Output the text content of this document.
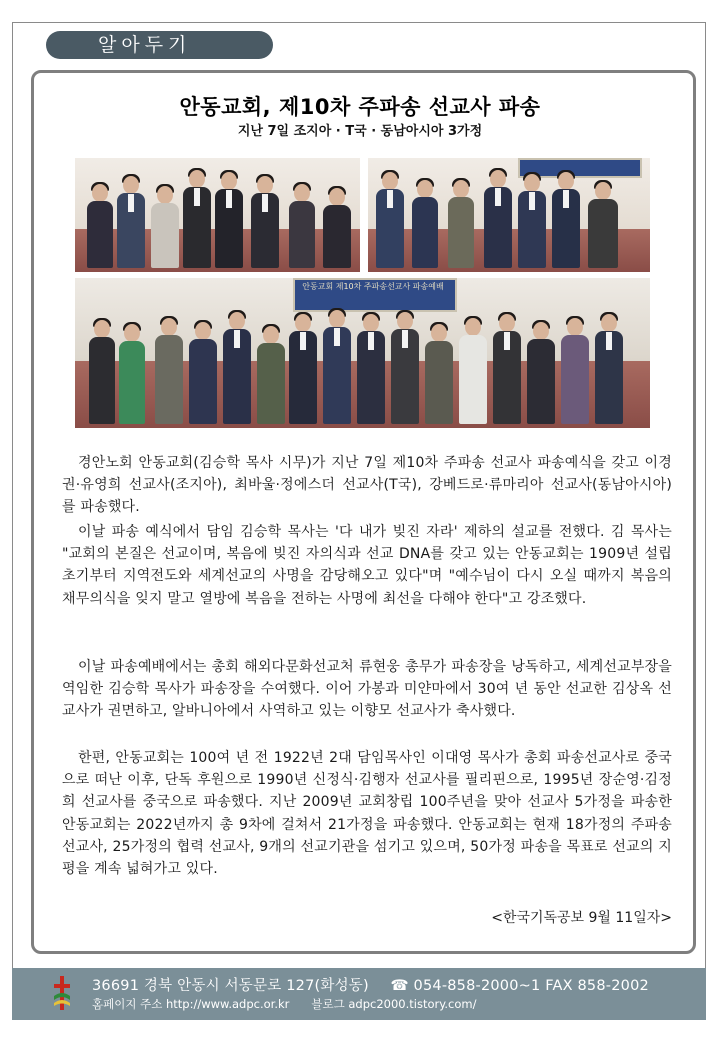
알아두기
안동교회, 제10차 주파송 선교사 파송
지난 7일 조지아 · T국 · 동남아시아 3가정
안동교회 제10차 주파송선교사 파송예배

경안노회 안동교회(김승학 목사 시무)가 지난 7일 제10차 주파송 선교사 파송예식을 갖고 이경권·유영희 선교사(조지아), 최바울·정에스더 선교사(T국), 강베드로·류마리아 선교사(동남아시아)를 파송했다.

이날 파송 예식에서 담임 김승학 목사는 '다 내가 빚진 자라' 제하의 설교를 전했다. 김 목사는 "교회의 본질은 선교이며, 복음에 빚진 자의식과 선교 DNA를 갖고 있는 안동교회는 1909년 설립 초기부터 지역전도와 세계선교의 사명을 감당해오고 있다"며 "예수님이 다시 오실 때까지 복음의 채무의식을 잊지 말고 열방에 복음을 전하는 사명에 최선을 다해야 한다"고 강조했다.

이날 파송예배에서는 총회 해외다문화선교처 류현웅 총무가 파송장을 낭독하고, 세계선교부장을 역임한 김승학 목사가 파송장을 수여했다. 이어 가봉과 미얀마에서 30여 년 동안 선교한 김상옥 선교사가 권면하고, 알바니아에서 사역하고 있는 이향모 선교사가 축사했다.

한편, 안동교회는 100여 년 전 1922년 2대 담임목사인 이대영 목사가 총회 파송선교사로 중국으로 떠난 이후, 단독 후원으로 1990년 신정식·김행자 선교사를 필리핀으로, 1995년 장순영·김정희 선교사를 중국으로 파송했다. 지난 2009년 교회창립 100주년을 맞아 선교사 5가정을 파송한 안동교회는 2022년까지 총 9차에 걸쳐서 21가정을 파송했다. 안동교회는 현재 18가정의 주파송 선교사, 25가정의 협력 선교사, 9개의 선교기관을 섬기고 있으며, 50가정 파송을 목표로 선교의 지평을 계속 넓혀가고 있다.

<한국기독공보 9월 11일자>
36691 경북 안동시 서동문로 127(화성동) ☎ 054-858-2000~1 FAX 858-2002
홈페이지 주소 http://www.adpc.or.kr 블로그 adpc2000.tistory.com/
